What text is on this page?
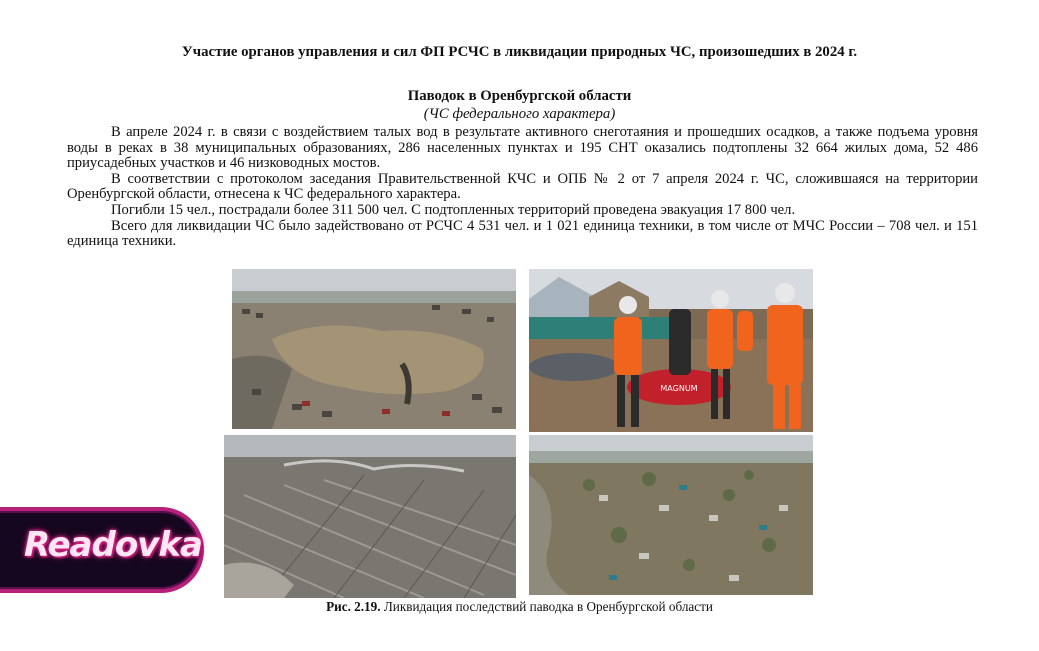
Участие органов управления и сил ФП РСЧС в ликвидации природных ЧС, произошедших в 2024 г.
Паводок в Оренбургской области
(ЧС федерального характера)

В апреле 2024 г. в связи с воздействием талых вод в результате активного снеготаяния и прошедших осадков, а также подъема уровня воды в реках в 38 муниципальных образованиях, 286 населенных пунктах и 195 СНТ оказались подтоплены 32 664 жилых дома, 52 486 приусадебных участков и 46 низководных мостов.

В соответствии с протоколом заседания Правительственной КЧС и ОПБ № 2 от 7 апреля 2024 г. ЧС, сложившаяся на территории Оренбургской области, отнесена к ЧС федерального характера.

Погибли 15 чел., пострадали более 311 500 чел. С подтопленных территорий проведена эвакуация 17 800 чел.

Всего для ликвидации ЧС было задействовано от РСЧС 4 531 чел. и 1 021 единица техники, в том числе от МЧС России – 708 чел. и 151 единица техники.

MAGNUM
Рис. 2.19. Ликвидация последствий паводка в Оренбургской области
Readovka
